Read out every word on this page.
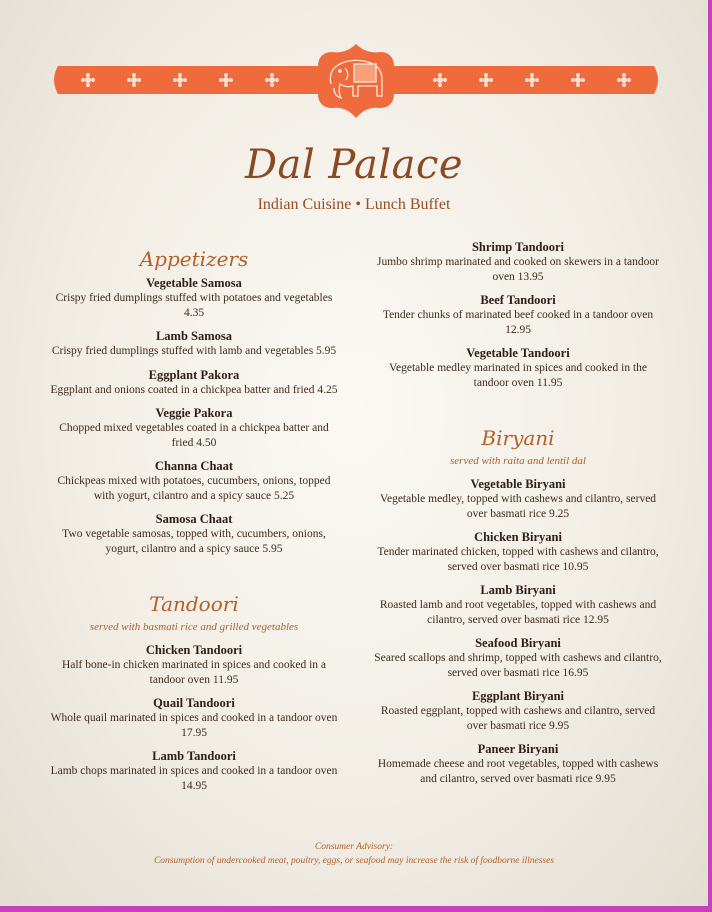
Dal Palace
Indian Cuisine • Lunch Buffet
Appetizers
Vegetable Samosa
Crispy fried dumplings stuffed with potatoes and vegetables 4.35
Lamb Samosa
Crispy fried dumplings stuffed with lamb and vegetables 5.95
Eggplant Pakora
Eggplant and onions coated in a chickpea batter and fried 4.25
Veggie Pakora
Chopped mixed vegetables coated in a chickpea batter and fried 4.50
Channa Chaat
Chickpeas mixed with potatoes, cucumbers, onions, topped with yogurt, cilantro and a spicy sauce 5.25
Samosa Chaat
Two vegetable samosas, topped with, cucumbers, onions, yogurt, cilantro and a spicy sauce 5.95
Tandoori
served with basmati rice and grilled vegetables
Chicken Tandoori
Half bone-in chicken marinated in spices and cooked in a tandoor oven 11.95
Quail Tandoori
Whole quail marinated in spices and cooked in a tandoor oven 17.95
Lamb Tandoori
Lamb chops marinated in spices and cooked in a tandoor oven 14.95
Shrimp Tandoori
Jumbo shrimp marinated and cooked on skewers in a tandoor oven 13.95
Beef Tandoori
Tender chunks of marinated beef cooked in a tandoor oven 12.95
Vegetable Tandoori
Vegetable medley marinated in spices and cooked in the tandoor oven 11.95
Biryani
served with raita and lentil dal
Vegetable Biryani
Vegetable medley, topped with cashews and cilantro, served over basmati rice 9.25
Chicken Biryani
Tender marinated chicken, topped with cashews and cilantro, served over basmati rice 10.95
Lamb Biryani
Roasted lamb and root vegetables, topped with cashews and cilantro, served over basmati rice 12.95
Seafood Biryani
Seared scallops and shrimp, topped with cashews and cilantro, served over basmati rice 16.95
Eggplant Biryani
Roasted eggplant, topped with cashews and cilantro, served over basmati rice 9.95
Paneer Biryani
Homemade cheese and root vegetables, topped with cashews and cilantro, served over basmati rice 9.95
Consumer Advisory:
Consumption of undercooked meat, poultry, eggs, or seafood may increase the risk of foodborne illnesses
